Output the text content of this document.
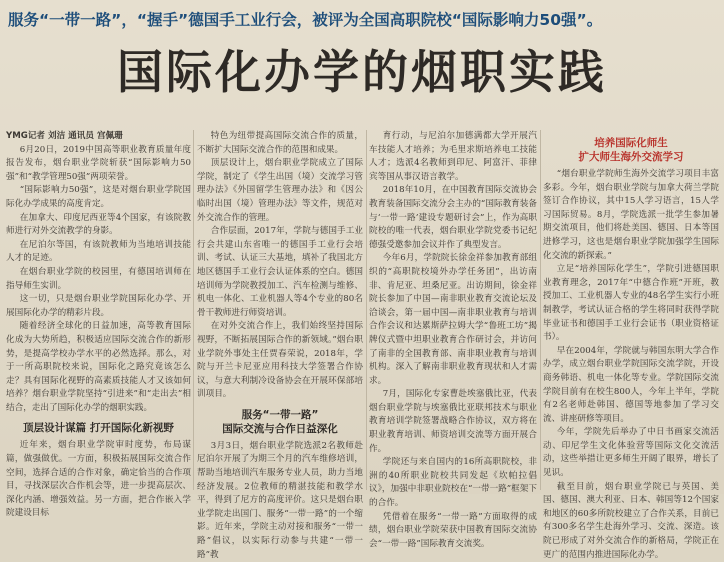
服务“一带一路”，“握手”德国手工业行会，被评为全国高职院校“国际影响力50强”。
国际化办学的烟职实践

YMG记者 刘洁 通讯员 宫佩珊

6月20日，2019中国高等职业教育质量年度报告发布，烟台职业学院斩获“国际影响力50强”和“教学管理50强”两项荣誉。

“国际影响力50强”，这是对烟台职业学院国际化办学成果的高度肯定。

在加拿大、印度尼西亚等4个国家，有该院教师进行对外交流教学的身影。

在尼泊尔等国，有该院教师为当地培训技能人才的足迹。

在烟台职业学院的校园里，有德国培训师在指导师生实训。

这一切，只是烟台职业学院国际化办学、开展国际化办学的精彩片段。

随着经济全球化的日益加速，高等教育国际化成为大势所趋，积极适应国际交流合作的新形势，是提高学校办学水平的必然选择。那么，对于一所高职院校来说，国际化之路究竟该怎么走？具有国际化视野的高素质技能人才又该如何培养？烟台职业学院坚持“引进来”和“走出去”相结合，走出了国际化办学的烟职实践。

顶层设计谋篇 打开国际化新视野

近年来，烟台职业学院审时度势，布局谋篇，做强做优。一方面，积极拓展国际交流合作空间，选择合适的合作对象，确定恰当的合作项目，寻找深层次合作机会等，进一步提高层次、深化内涵、增强效益。另一方面，把合作嵌入学院建设目标

特色为纽带提高国际交流合作的质量，不断扩大国际交流合作的范围和成果。

顶层设计上，烟台职业学院成立了国际学院，制定了《学生出国（境）交流学习管理办法》《外国留学生管理办法》和《因公临时出国（境）管理办法》等文件，规范对外交流合作的管理。

合作层面，2017年，学院与德国手工业行会共建山东省唯一的德国手工业行会培训、考试、认证三大基地，填补了我国北方地区德国手工业行会认证体系的空白。德国培训师为学院教授加工、汽车检测与维修、机电一体化、工业机器人等4个专业的80名骨干教师进行师资培训。

在对外交流合作上，我们始终坚持国际视野，不断拓展国际合作的新领域。”烟台职业学院外事处主任贾春荣说，2018年，学院与开兰卡尼亚应用科技大学签署合作协议，与意大利制冷设备协会在开展环保部培训项目。

服务“一带一路”
国际交流与合作日益深化

3月3日，烟台职业学院选派2名教师赴尼泊尔开展了为期三个月的汽车维修培训，帮助当地培训汽车服务专业人员，助力当地经济发展。2位教师的精湛技能和教学水平，得到了尼方的高度评价。这只是烟台职业学院走出国门、服务“一带一路”的一个缩影。近年来，学院主动对接和服务“一带一路”倡议，以实际行动参与共建“一带一路”教

育行动，与尼泊尔加德满都大学开展汽车技能人才培养；为毛里求斯培养电工技能人才；选派4名教师到印尼、阿富汗、菲律宾等国从事汉语言教学。

2018年10月，在中国教育国际交流协会教育装备国际交流分会主办的“国际教育装备与‘一带一路’建设专题研讨会”上，作为高职院校的唯一代表，烟台职业学院党委书记纪德强受邀参加会议并作了典型发言。

今年6月，学院院长徐金祥参加教育部组织的“高职院校境外办学任务团”，出访南非、肯尼亚、坦桑尼亚。出访期间，徐金祥院长参加了中国—南非职业教育交流论坛及洽谈会，第一届中国—南非职业教育与培训合作会议和达累斯萨拉姆大学“鲁班工坊”揭牌仪式暨中坦职业教育合作研讨会，并访问了南非的全国教育部、南非职业教育与培训机构。深入了解南非职业教育现状和人才需求。

7月，国际化专家曹赴埃塞俄比亚，代表烟台职业学院与埃塞俄比亚联邦技术与职业教育培训学院签署战略合作协议，双方将在职业教育培训、师资培训交流等方面开展合作。

学院还与来自国内的16所高职院校，非洲的40所职业院校共同发起《坎帕拉倡议》，加强中非职业院校在“一带一路”框架下的合作。

凭借着在服务“一带一路”方面取得的成绩，烟台职业学院荣获中国教育国际交流协会“一带一路”国际教育交流奖。

培养国际化师生
扩大师生海外交流学习

“烟台职业学院师生海外交流学习项目丰富多彩。今年，烟台职业学院与加拿大荷兰学院签订合作协议，其中15人学习语言，15人学习国际贸易。8月，学院选派一批学生参加暑期交流项目，他们将赴美国、德国、日本等国进修学习，这也是烟台职业学院加强学生国际化交流的新探索。”

立足“培养国际化学生”，学院引进德国职业教育理念，2017年“中德合作班”开班，教授加工、工业机器人专业的48名学生实行小班制教学，考试认证合格的学生将同时获得学院毕业证书和德国手工业行会证书（职业资格证书）。

早在2004年，学院就与韩国东明大学合作办学，成立烟台职业学院国际交流学院，开设商务韩语、机电一体化等专业。学院国际交流学院目前有在校生800人，今年上半年，学院有2名老师赴韩国、德国等地参加了学习交流、讲座研修等项目。

今年，学院先后举办了中日书画家交流活动、印尼学生文化体验营等国际文化交流活动，这些举措让更多师生开阔了眼界，增长了见识。

截至目前，烟台职业学院已与英国、美国、德国、澳大利亚、日本、韩国等12个国家和地区的60多所院校建立了合作关系，目前已有300多名学生赴海外学习、交流、深造。该院已形成了对外交流合作的新格局，学院正在更广的范围内推进国际化办学。
